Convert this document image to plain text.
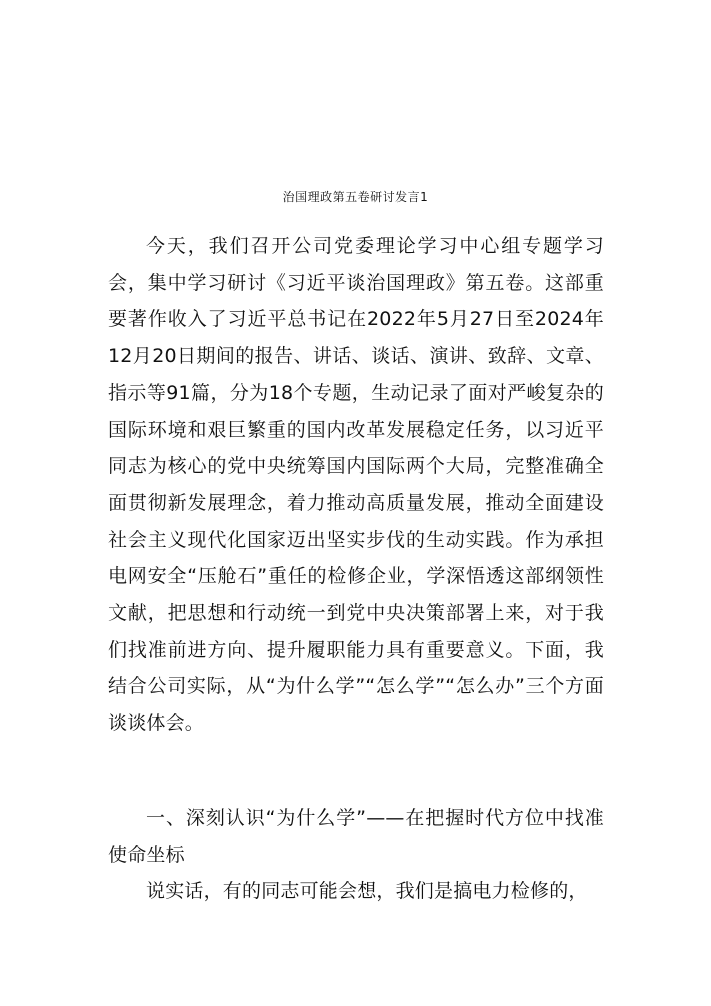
治国理政第五卷研讨发言1

今天，我们召开公司党委理论学习中心组专题学习会，集中学习研讨《习近平谈治国理政》第五卷。这部重要著作收入了习近平总书记在2022年5月27日至2024年12月20日期间的报告、讲话、谈话、演讲、致辞、文章、指示等91篇，分为18个专题，生动记录了面对严峻复杂的国际环境和艰巨繁重的国内改革发展稳定任务，以习近平同志为核心的党中央统筹国内国际两个大局，完整准确全面贯彻新发展理念，着力推动高质量发展，推动全面建设社会主义现代化国家迈出坚实步伐的生动实践。作为承担电网安全“压舱石”重任的检修企业，学深悟透这部纲领性文献，把思想和行动统一到党中央决策部署上来，对于我们找准前进方向、提升履职能力具有重要意义。下面，我结合公司实际，从“为什么学”“怎么学”“怎么办”三个方面谈谈体会。

一、深刻认识“为什么学”——在把握时代方位中找准使命坐标

说实话，有的同志可能会想，我们是搞电力检修的，
